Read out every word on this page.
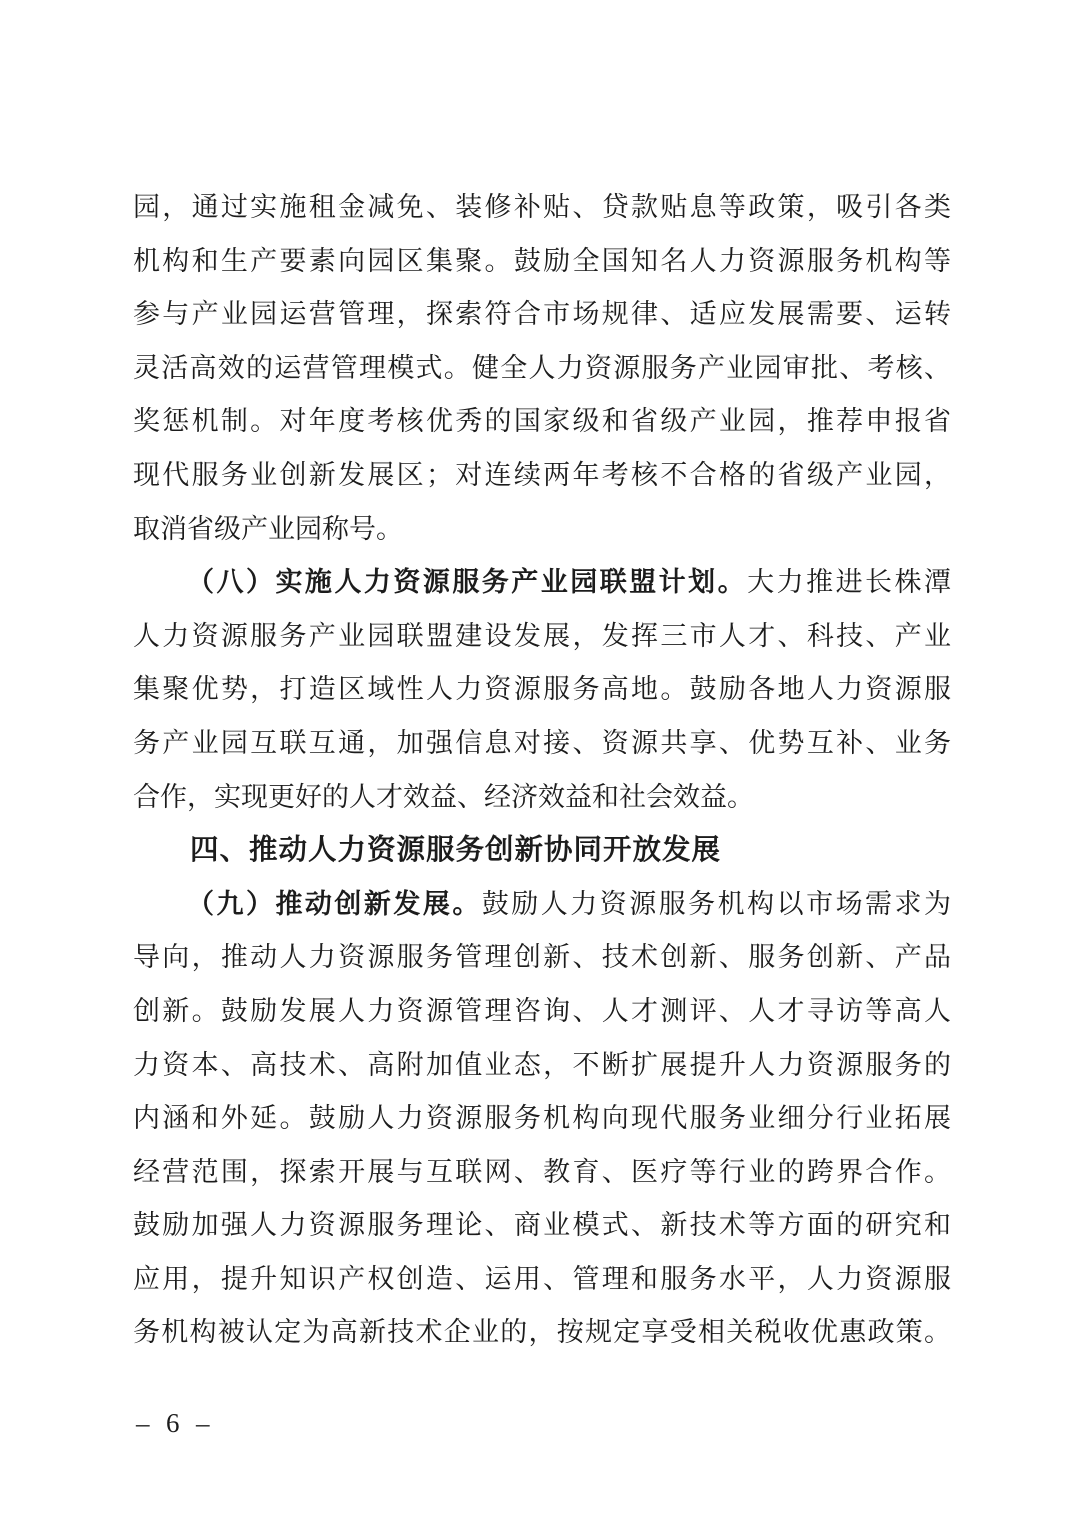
园，通过实施租金减免、装修补贴、贷款贴息等政策，吸引各类
机构和生产要素向园区集聚。鼓励全国知名人力资源服务机构等
参与产业园运营管理，探索符合市场规律、适应发展需要、运转
灵活高效的运营管理模式。健全人力资源服务产业园审批、考核、
奖惩机制。对年度考核优秀的国家级和省级产业园，推荐申报省
现代服务业创新发展区；对连续两年考核不合格的省级产业园，
取消省级产业园称号。
（八）实施人力资源服务产业园联盟计划。大力推进长株潭
人力资源服务产业园联盟建设发展，发挥三市人才、科技、产业
集聚优势，打造区域性人力资源服务高地。鼓励各地人力资源服
务产业园互联互通，加强信息对接、资源共享、优势互补、业务
合作，实现更好的人才效益、经济效益和社会效益。
四、推动人力资源服务创新协同开放发展
（九）推动创新发展。鼓励人力资源服务机构以市场需求为
导向，推动人力资源服务管理创新、技术创新、服务创新、产品
创新。鼓励发展人力资源管理咨询、人才测评、人才寻访等高人
力资本、高技术、高附加值业态，不断扩展提升人力资源服务的
内涵和外延。鼓励人力资源服务机构向现代服务业细分行业拓展
经营范围，探索开展与互联网、教育、医疗等行业的跨界合作。
鼓励加强人力资源服务理论、商业模式、新技术等方面的研究和
应用，提升知识产权创造、运用、管理和服务水平，人力资源服
务机构被认定为高新技术企业的，按规定享受相关税收优惠政策。
– 6 –
